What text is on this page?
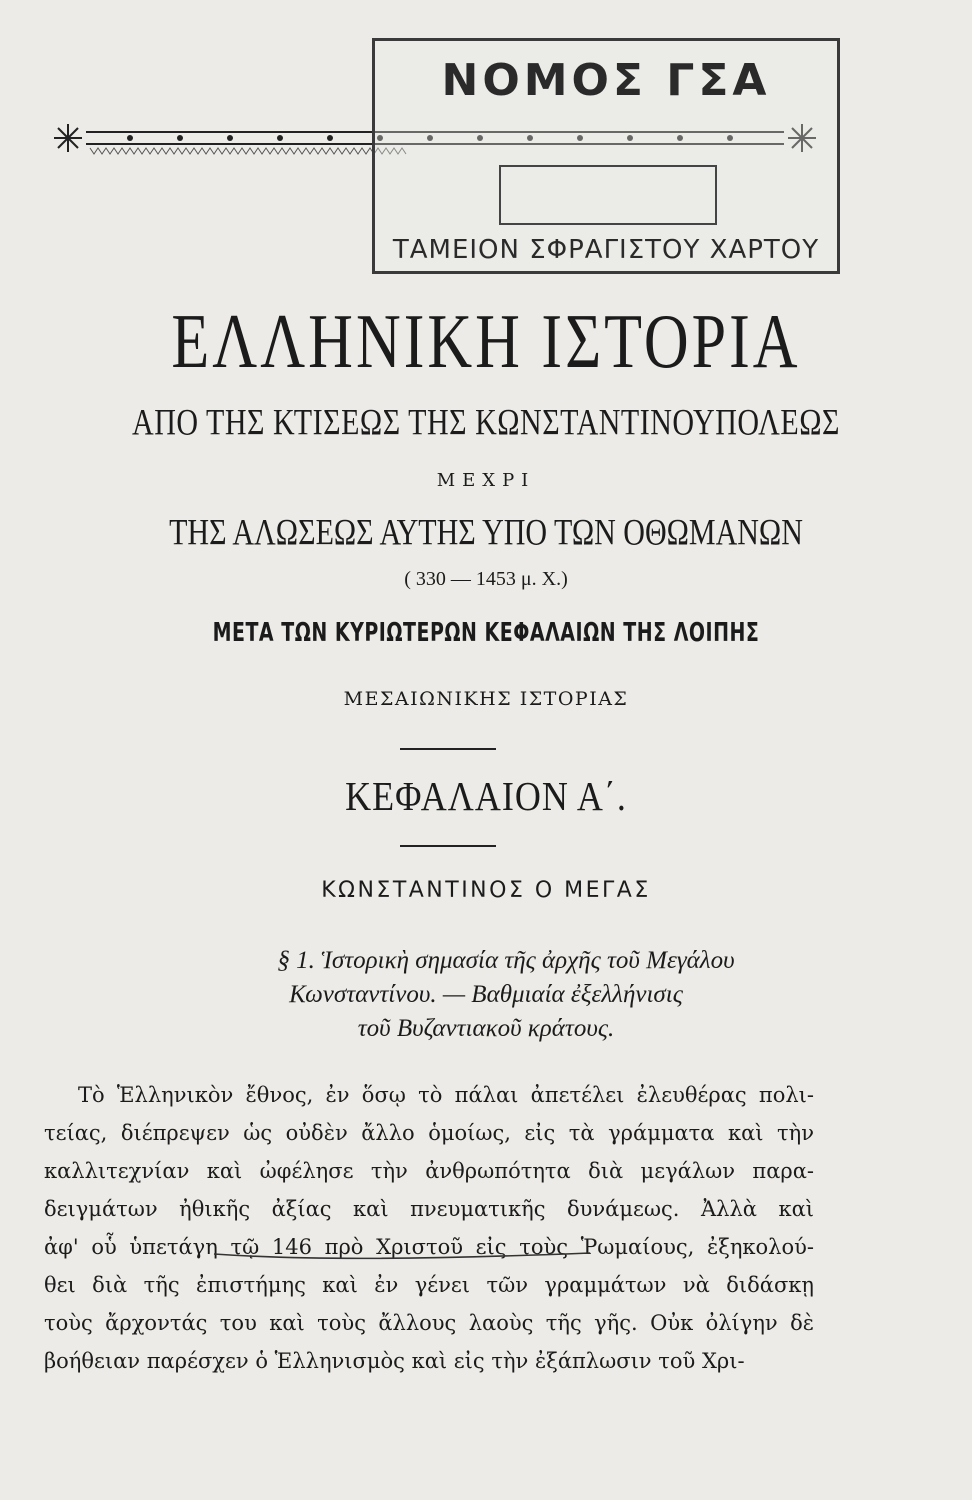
ΝΟΜΟΣ ΓΣΑ
ΤΑΜΕΙΟΝ ΣΦΡΑΓΙΣΤΟΥ ΧΑΡΤΟΥ
ΕΛΛΗΝΙΚΗ ΙΣΤΟΡΙΑ
ΑΠΟ ΤΗΣ ΚΤΙΣΕΩΣ ΤΗΣ ΚΩΝΣΤΑΝΤΙΝΟΥΠΟΛΕΩΣ
ΜΕΧΡΙ
ΤΗΣ ΑΛΩΣΕΩΣ ΑΥΤΗΣ ΥΠΟ ΤΩΝ ΟΘΩΜΑΝΩΝ
( 330 — 1453 μ. Χ.)
ΜΕΤΑ ΤΩΝ ΚΥΡΙΩΤΕΡΩΝ ΚΕΦΑΛΑΙΩΝ ΤΗΣ ΛΟΙΠΗΣ
ΜΕΣΑΙΩΝΙΚΗΣ ΙΣΤΟΡΙΑΣ
ΚΕΦΑΛΑΙΟΝ Α΄.
ΚΩΝΣΤΑΝΤΙΝΟΣ Ο ΜΕΓΑΣ
§ 1. Ἱστορικὴ σημασία τῆς ἀρχῆς τοῦ Μεγάλου
Κωνσταντίνου. — Βαθμιαία ἐξελλήνισις
τοῦ Βυζαντιακοῦ κράτους.
Τὸ Ἑλληνικὸν ἔθνος, ἐν ὅσῳ τὸ πάλαι ἀπετέλει ἐλευθέρας πολι-
τείας, διέπρεψεν ὡς οὐδὲν ἄλλο ὁμοίως, εἰς τὰ γράμματα καὶ τὴν
καλλιτεχνίαν καὶ ὠφέλησε τὴν ἀνθρωπότητα διὰ μεγάλων παρα-
δειγμάτων ἠθικῆς ἀξίας καὶ πνευματικῆς δυνάμεως. Ἀλλὰ καὶ
ἀφ' οὗ ὑπετάγη τῷ 146 πρὸ Χριστοῦ εἰς τοὺς Ῥωμαίους, ἐξηκολού-
θει διὰ τῆς ἐπιστήμης καὶ ἐν γένει τῶν γραμμάτων νὰ διδάσκῃ
τοὺς ἄρχοντάς του καὶ τοὺς ἄλλους λαοὺς τῆς γῆς. Οὐκ ὀλίγην δὲ
βοήθειαν παρέσχεν ὁ Ἑλληνισμὸς καὶ εἰς τὴν ἐξάπλωσιν τοῦ Χρι-
